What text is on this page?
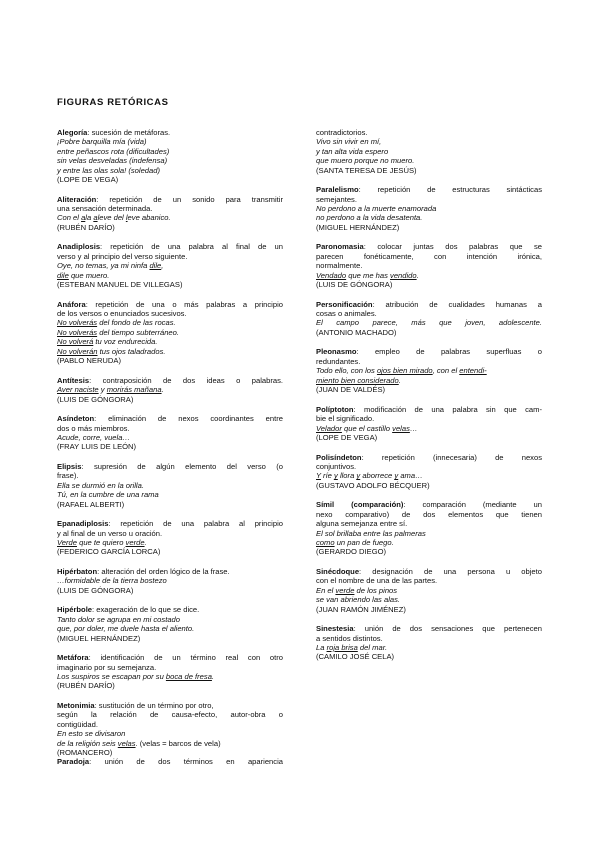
FIGURAS RETÓRICAS
Alegoría: sucesión de metáforas.
¡Pobre barquilla mía (vida)
entre peñascos rota (dificultades)
sin velas desveladas (indefensa)
y entre las olas sola! (soledad)
(LOPE DE VEGA)
Aliteración: repetición de un sonido para transmitir
una sensación determinada.
Con el ala aleve del leve abanico.
(RUBÉN DARÍO)
Anadiplosis: repetición de una palabra al final de un
verso y al principio del verso siguiente.
Oye, no temas, ya mi ninfa dile,
dile que muero.
(ESTEBAN MANUEL DE VILLEGAS)
Anáfora: repetición de una o más palabras a principio
de los versos o enunciados sucesivos.
No volverás del fondo de las rocas.
No volverás del tiempo subterráneo.
No volverá tu voz endurecida.
No volverán tus ojos taladrados.
(PABLO NERUDA)
Antítesis: contraposición de dos ideas o palabras.
Aver naciste y morirás mañana.
(LUIS DE GÓNGORA)
Asíndeton: eliminación de nexos coordinantes entre
dos o más miembros.
Acude, corre, vuela…
(FRAY LUIS DE LEÓN)
Elipsis: supresión de algún elemento del verso (o
frase).
Ella se durmió en la orilla.
Tú, en la cumbre de una rama
(RAFAEL ALBERTI)
Epanadiplosis: repetición de una palabra al principio
y al final de un verso u oración.
Verde que te quiero verde.
(FEDERICO GARCÍA LORCA)
Hipérbaton: alteración del orden lógico de la frase.
…formidable de la tierra bostezo
(LUIS DE GÓNGORA)
Hipérbole: exageración de lo que se dice.
Tanto dolor se agrupa en mi costado
que, por doler, me duele hasta el aliento.
(MIGUEL HERNÁNDEZ)
Metáfora: identificación de un término real con otro
imaginario por su semejanza.
Los suspiros se escapan por su boca de fresa.
(RUBÉN DARÍO)
Metonimia: sustitución de un término por otro,
según la relación de causa-efecto, autor-obra o
contigüidad.
En esto se divisaron
de la religión seis velas. (velas = barcos de vela)
(ROMANCERO)
Paradoja: unión de dos términos en apariencia
contradictorios.
Vivo sin vivir en mí,
y tan alta vida espero
que muero porque no muero.
(SANTA TERESA DE JESÚS)
Paralelismo: repetición de estructuras sintácticas
semejantes.
No perdono a la muerte enamorada
no perdono a la vida desatenta.
(MIGUEL HERNÁNDEZ)
Paronomasia: colocar juntas dos palabras que se
parecen fonéticamente, con intención irónica,
normalmente.
Vendado que me has vendido.
(LUIS DE GÓNGORA)
Personificación: atribución de cualidades humanas a
cosas o animales.
El campo parece, más que joven, adolescente.
(ANTONIO MACHADO)
Pleonasmo: empleo de palabras superfluas o
redundantes.
Todo ello, con los ojos bien mirado, con el entendi-
miento bien considerado.
(JUAN DE VALDÉS)
Políptoton: modificación de una palabra sin que cam-
bie el significado.
Velador que el castillo velas…
(LOPE DE VEGA)
Polisíndeton: repetición (innecesaria) de nexos
conjuntivos.
Y ríe y llora y aborrece y ama…
(GUSTAVO ADOLFO BÉCQUER)
Símil (comparación): comparación (mediante un
nexo comparativo) de dos elementos que tienen
alguna semejanza entre sí.
El sol brillaba entre las palmeras
como un pan de fuego.
(GERARDO DIEGO)
Sinécdoque: designación de una persona u objeto
con el nombre de una de las partes.
En el verde de los pinos
se van abriendo las alas.
(JUAN RAMÓN JIMÉNEZ)
Sinestesia: unión de dos sensaciones que pertenecen
a sentidos distintos.
La roja brisa del mar.
(CAMILO JOSÉ CELA)
